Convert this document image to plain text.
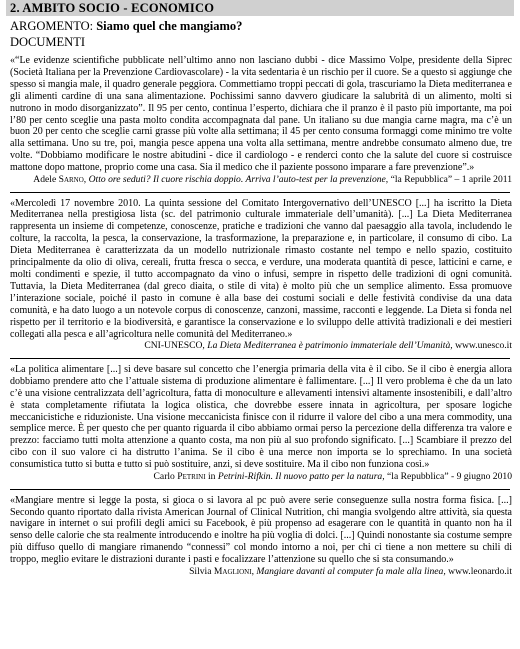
2. AMBITO SOCIO - ECONOMICO
ARGOMENTO: Siamo quel che mangiamo?
DOCUMENTI
«“Le evidenze scientifiche pubblicate nell’ultimo anno non lasciano dubbi - dice Massimo Volpe, presidente della Siprec (Società Italiana per la Prevenzione Cardiovascolare) - la vita sedentaria è un rischio per il cuore. Se a questo si aggiunge che spesso si mangia male, il quadro generale peggiora. Commettiamo troppi peccati di gola, trascuriamo la Dieta mediterranea e gli alimenti cardine di una sana alimentazione. Pochissimi sanno davvero giudicare la salubrità di un alimento, molti si nutrono in modo disorganizzato”. Il 95 per cento, continua l’esperto, dichiara che il pranzo è il pasto più importante, ma poi l’80 per cento sceglie una pasta molto condita accompagnata dal pane. Un italiano su due mangia carne magra, ma c’è un buon 20 per cento che sceglie carni grasse più volte alla settimana; il 45 per cento consuma formaggi come minimo tre volte alla settimana. Uno su tre, poi, mangia pesce appena una volta alla settimana, mentre andrebbe consumato almeno due, tre volte. “Dobbiamo modificare le nostre abitudini - dice il cardiologo - e renderci conto che la salute del cuore si costruisce mattone dopo mattone, proprio come una casa. Sia il medico che il paziente possono imparare a fare prevenzione”.»
Adele Sarno, Otto ore seduti? Il cuore rischia doppio. Arriva l’auto-test per la prevenzione, “la Repubblica” – 1 aprile 2011
«Mercoledì 17 novembre 2010. La quinta sessione del Comitato Intergovernativo dell’UNESCO [...] ha iscritto la Dieta Mediterranea nella prestigiosa lista (sc. del patrimonio culturale immateriale dell’umanità). [...] La Dieta Mediterranea rappresenta un insieme di competenze, conoscenze, pratiche e tradizioni che vanno dal paesaggio alla tavola, includendo le colture, la raccolta, la pesca, la conservazione, la trasformazione, la preparazione e, in particolare, il consumo di cibo. La Dieta Mediterranea è caratterizzata da un modello nutrizionale rimasto costante nel tempo e nello spazio, costituito principalmente da olio di oliva, cereali, frutta fresca o secca, e verdure, una moderata quantità di pesce, latticini e carne, e molti condimenti e spezie, il tutto accompagnato da vino o infusi, sempre in rispetto delle tradizioni di ogni comunità. Tuttavia, la Dieta Mediterranea (dal greco diaita, o stile di vita) è molto più che un semplice alimento. Essa promuove l’interazione sociale, poiché il pasto in comune è alla base dei costumi sociali e delle festività condivise da una data comunità, e ha dato luogo a un notevole corpus di conoscenze, canzoni, massime, racconti e leggende. La Dieta si fonda nel rispetto per il territorio e la biodiversità, e garantisce la conservazione e lo sviluppo delle attività tradizionali e dei mestieri collegati alla pesca e all’agricoltura nelle comunità del Mediterraneo.»
CNI-UNESCO, La Dieta Mediterranea è patrimonio immateriale dell’Umanità, www.unesco.it
«La politica alimentare [...] si deve basare sul concetto che l’energia primaria della vita è il cibo. Se il cibo è energia allora dobbiamo prendere atto che l’attuale sistema di produzione alimentare è fallimentare. [...] Il vero problema è che da un lato c’è una visione centralizzata dell’agricoltura, fatta di monoculture e allevamenti intensivi altamente insostenibili, e dall’altro è stata completamente rifiutata la logica olistica, che dovrebbe essere innata in agricoltura, per sposare logiche meccanicistiche e riduzioniste. Una visione meccanicista finisce con il ridurre il valore del cibo a una mera commodity, una semplice merce. È per questo che per quanto riguarda il cibo abbiamo ormai perso la percezione della differenza tra valore e prezzo: facciamo tutti molta attenzione a quanto costa, ma non più al suo profondo significato. [...] Scambiare il prezzo del cibo con il suo valore ci ha distrutto l’anima. Se il cibo è una merce non importa se lo sprechiamo. In una società consumistica tutto si butta e tutto si può sostituire, anzi, si deve sostituire. Ma il cibo non funziona così.»
Carlo Petrini in Petrini-Rifkin. Il nuovo patto per la natura, “la Repubblica” - 9 giugno 2010
«Mangiare mentre si legge la posta, si gioca o si lavora al pc può avere serie conseguenze sulla nostra forma fisica. [...] Secondo quanto riportato dalla rivista American Journal of Clinical Nutrition, chi mangia svolgendo altre attività, sia questa navigare in internet o sui profili degli amici su Facebook, è più propenso ad esagerare con le quantità in quanto non ha il senso delle calorie che sta realmente introducendo e inoltre ha più voglia di dolci. [...] Quindi nonostante sia costume sempre più diffuso quello di mangiare rimanendo “connessi” col mondo intorno a noi, per chi ci tiene a non mettere su chili di troppo, meglio evitare le distrazioni durante i pasti e focalizzare l’attenzione su quello che si sta consumando.»
Silvia Maglioni, Mangiare davanti al computer fa male alla linea, www.leonardo.it
